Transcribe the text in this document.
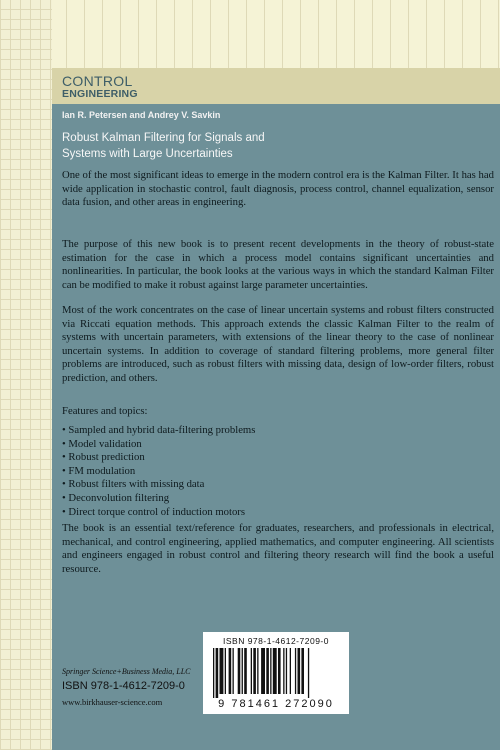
CONTROL
ENGINEERING
Ian R. Petersen and Andrey V. Savkin
Robust Kalman Filtering for Signals and
Systems with Large Uncertainties
One of the most significant ideas to emerge in the modern control era is the Kalman Filter. It has had wide application in stochastic control, fault diagnosis, process control, channel equalization, sensor data fusion, and other areas in engineering.
The purpose of this new book is to present recent developments in the theory of robust-state estimation for the case in which a process model contains significant uncertainties and nonlinearities. In particular, the book looks at the various ways in which the standard Kalman Filter can be modified to make it robust against large parameter uncertainties.
Most of the work concentrates on the case of linear uncertain systems and robust filters constructed via Riccati equation methods. This approach extends the classic Kalman Filter to the realm of systems with uncertain parameters, with extensions of the linear theory to the case of nonlinear uncertain systems. In addition to coverage of standard filtering problems, more general filter problems are introduced, such as robust filters with missing data, design of low-order filters, robust prediction, and others.
Features and topics:
• Sampled and hybrid data-filtering problems
• Model validation
• Robust prediction
• FM modulation
• Robust filters with missing data
• Deconvolution filtering
• Direct torque control of induction motors
The book is an essential text/reference for graduates, researchers, and professionals in electrical, mechanical, and control engineering, applied mathematics, and computer engineering. All scientists and engineers engaged in robust control and filtering theory research will find the book a useful resource.
ISBN 978-1-4612-7209-0
9 781461 272090
Springer Science+Business Media, LLC
ISBN 978-1-4612-7209-0
www.birkhauser-science.com
